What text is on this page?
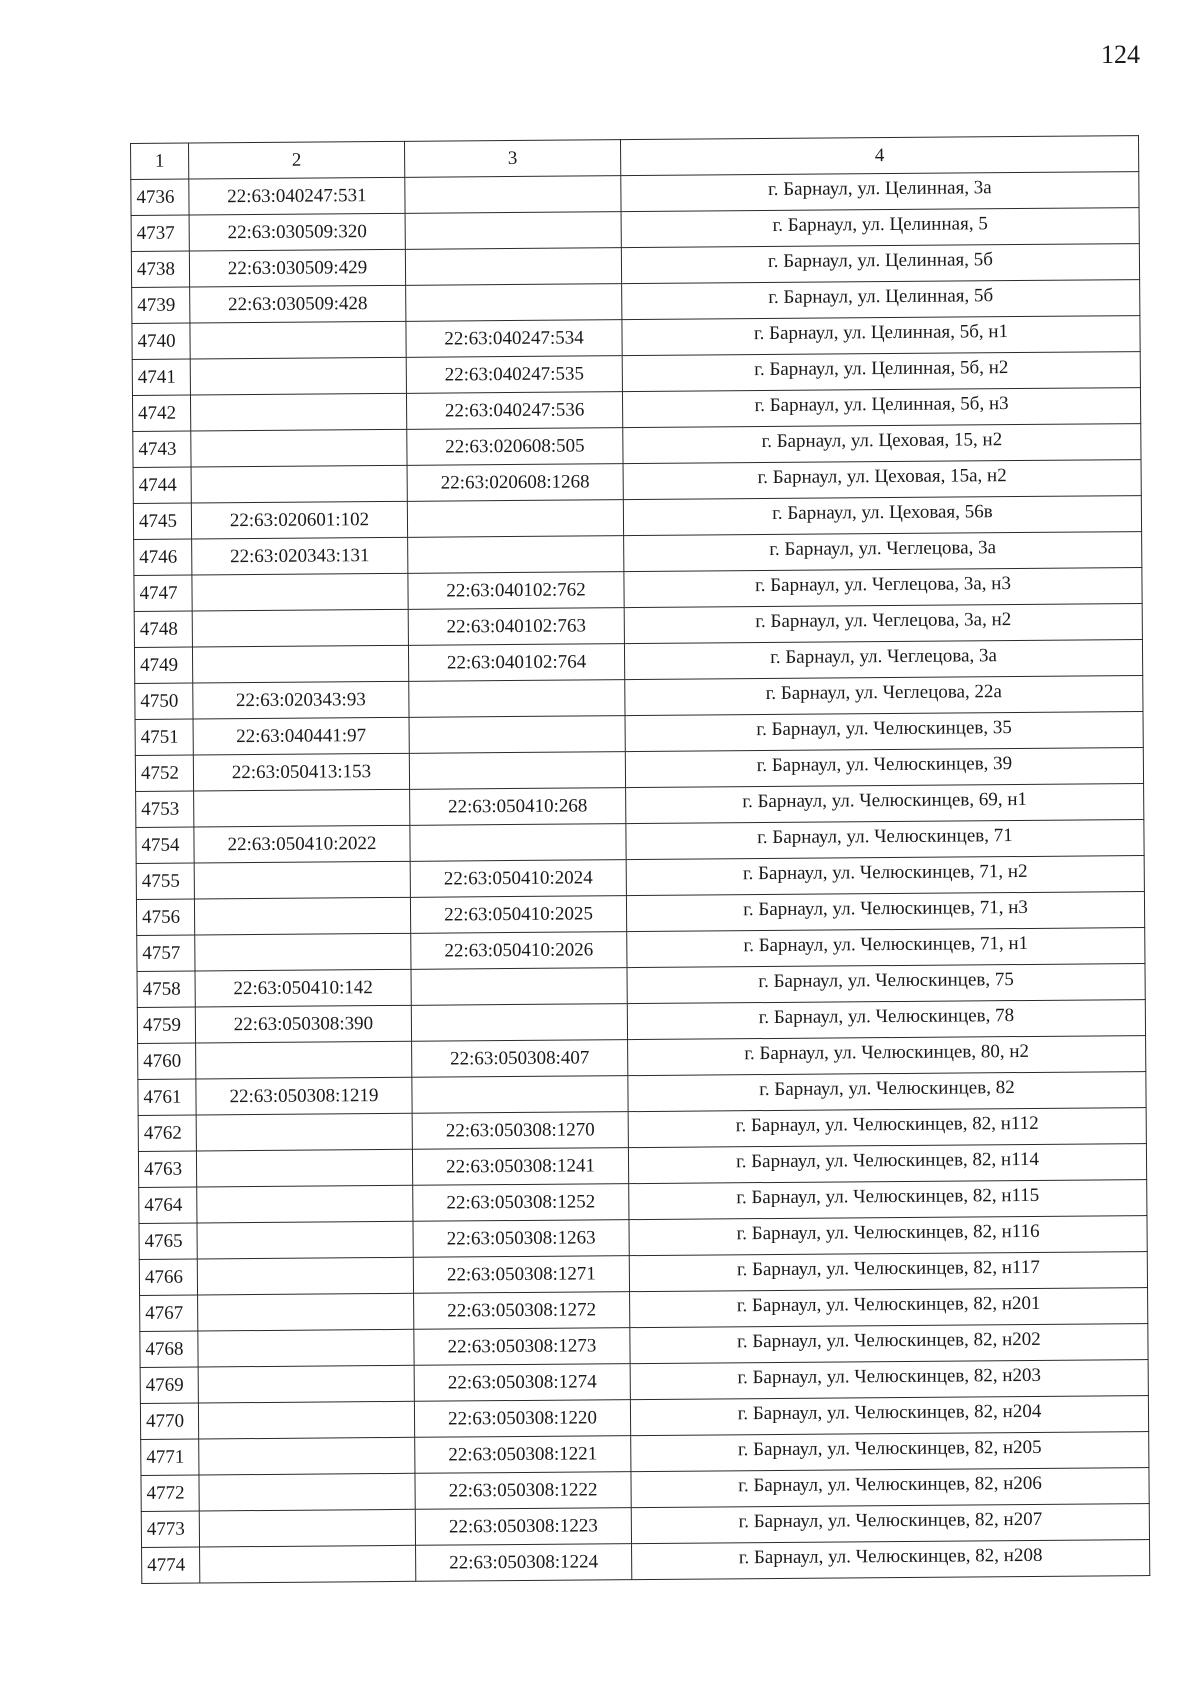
124
1	2	3	4
4736	22:63:040247:531		г. Барнаул, ул. Целинная, 3а
4737	22:63:030509:320		г. Барнаул, ул. Целинная, 5
4738	22:63:030509:429		г. Барнаул, ул. Целинная, 5б
4739	22:63:030509:428		г. Барнаул, ул. Целинная, 5б
4740		22:63:040247:534	г. Барнаул, ул. Целинная, 5б, н1
4741		22:63:040247:535	г. Барнаул, ул. Целинная, 5б, н2
4742		22:63:040247:536	г. Барнаул, ул. Целинная, 5б, н3
4743		22:63:020608:505	г. Барнаул, ул. Цеховая, 15, н2
4744		22:63:020608:1268	г. Барнаул, ул. Цеховая, 15а, н2
4745	22:63:020601:102		г. Барнаул, ул. Цеховая, 56в
4746	22:63:020343:131		г. Барнаул, ул. Чеглецова, 3а
4747		22:63:040102:762	г. Барнаул, ул. Чеглецова, 3а, н3
4748		22:63:040102:763	г. Барнаул, ул. Чеглецова, 3а, н2
4749		22:63:040102:764	г. Барнаул, ул. Чеглецова, 3а
4750	22:63:020343:93		г. Барнаул, ул. Чеглецова, 22а
4751	22:63:040441:97		г. Барнаул, ул. Челюскинцев, 35
4752	22:63:050413:153		г. Барнаул, ул. Челюскинцев, 39
4753		22:63:050410:268	г. Барнаул, ул. Челюскинцев, 69, н1
4754	22:63:050410:2022		г. Барнаул, ул. Челюскинцев, 71
4755		22:63:050410:2024	г. Барнаул, ул. Челюскинцев, 71, н2
4756		22:63:050410:2025	г. Барнаул, ул. Челюскинцев, 71, н3
4757		22:63:050410:2026	г. Барнаул, ул. Челюскинцев, 71, н1
4758	22:63:050410:142		г. Барнаул, ул. Челюскинцев, 75
4759	22:63:050308:390		г. Барнаул, ул. Челюскинцев, 78
4760		22:63:050308:407	г. Барнаул, ул. Челюскинцев, 80, н2
4761	22:63:050308:1219		г. Барнаул, ул. Челюскинцев, 82
4762		22:63:050308:1270	г. Барнаул, ул. Челюскинцев, 82, н112
4763		22:63:050308:1241	г. Барнаул, ул. Челюскинцев, 82, н114
4764		22:63:050308:1252	г. Барнаул, ул. Челюскинцев, 82, н115
4765		22:63:050308:1263	г. Барнаул, ул. Челюскинцев, 82, н116
4766		22:63:050308:1271	г. Барнаул, ул. Челюскинцев, 82, н117
4767		22:63:050308:1272	г. Барнаул, ул. Челюскинцев, 82, н201
4768		22:63:050308:1273	г. Барнаул, ул. Челюскинцев, 82, н202
4769		22:63:050308:1274	г. Барнаул, ул. Челюскинцев, 82, н203
4770		22:63:050308:1220	г. Барнаул, ул. Челюскинцев, 82, н204
4771		22:63:050308:1221	г. Барнаул, ул. Челюскинцев, 82, н205
4772		22:63:050308:1222	г. Барнаул, ул. Челюскинцев, 82, н206
4773		22:63:050308:1223	г. Барнаул, ул. Челюскинцев, 82, н207
4774		22:63:050308:1224	г. Барнаул, ул. Челюскинцев, 82, н208
